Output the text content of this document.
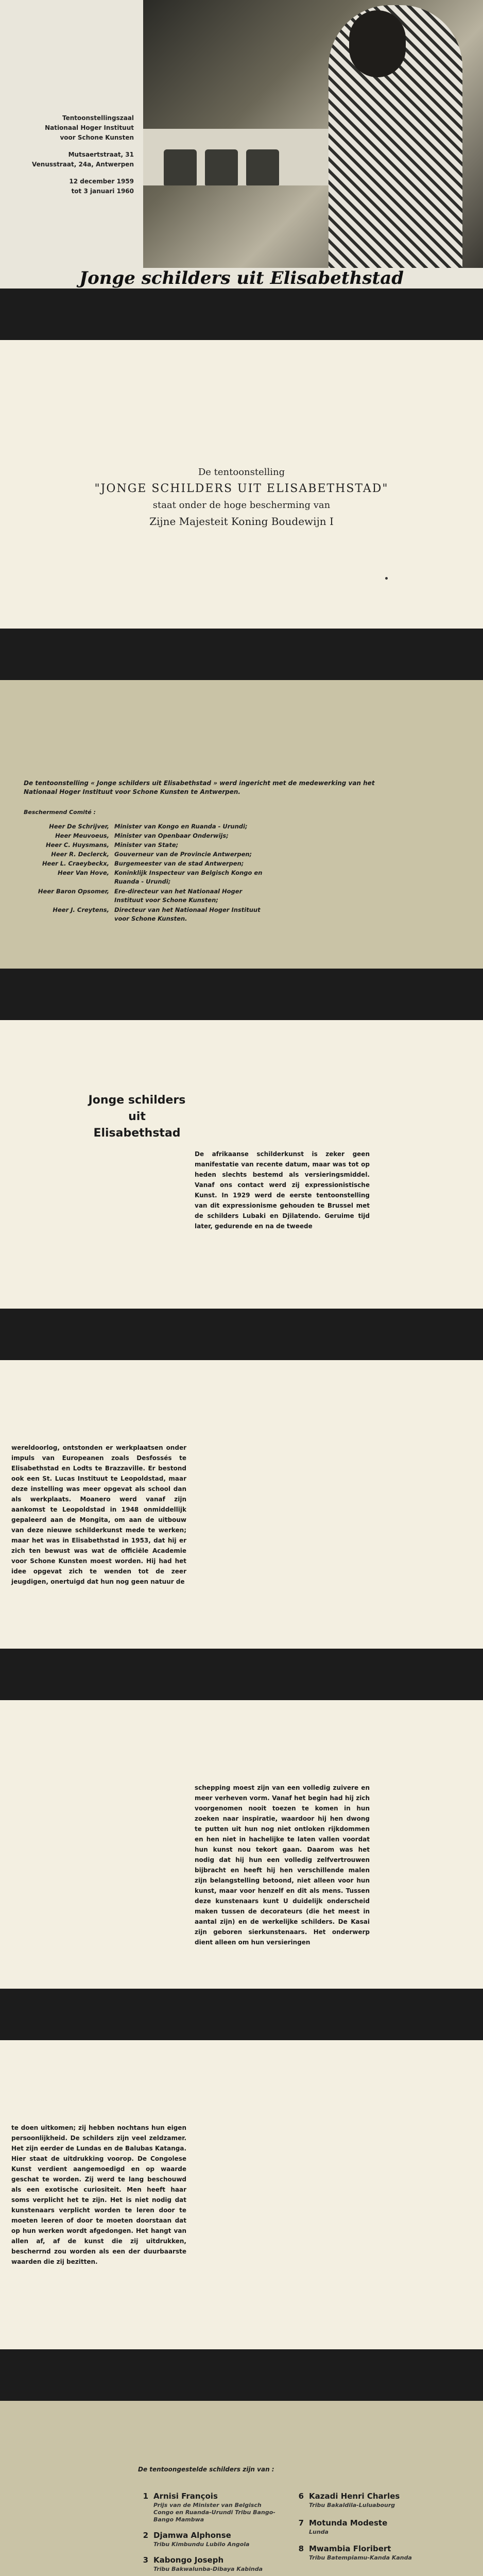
Tentoonstellingszaal
Nationaal Hoger Instituut
voor Schone Kunsten
Mutsaertstraat, 31
Venusstraat, 24a, Antwerpen
12 december 1959
tot 3 januari 1960
Jonge schilders uit Elisabethstad
De tentoonstelling
"JONGE SCHILDERS UIT ELISABETHSTAD"
staat onder de hoge bescherming van
Zijne Majesteit Koning Boudewijn I
De tentoonstelling « Jonge schilders uit Elisabethstad » werd ingericht met de medewerking van het Nationaal Hoger Instituut voor Schone Kunsten te Antwerpen.
Beschermend Comité :
Heer De Schrijver, Minister van Kongo en Ruanda - Urundi;
Heer Meuvoeus, Minister van Openbaar Onderwijs;
Heer C. Huysmans, Minister van State;
Heer R. Declerck, Gouverneur van de Provincie Antwerpen;
Heer L. Craeybeckx, Burgemeester van de stad Antwerpen;
Heer Van Hove, Koninklijk Inspecteur van Belgisch Kongo en Ruanda - Urundi;
Heer Baron Opsomer, Ere-directeur van het Nationaal Hoger Instituut voor Schone Kunsten;
Heer J. Creytens, Directeur van het Nationaal Hoger Instituut voor Schone Kunsten.
Jonge schilders uit Elisabethstad
De afrikaanse schilderkunst is zeker geen manifestatie van recente datum, maar was tot op heden slechts bestemd als versieringsmiddel. Vanaf ons contact werd zij expressionistische Kunst. In 1929 werd de eerste tentoonstelling van dit expressionisme gehouden te Brussel met de schilders Lubaki en Djilatendo. Geruime tijd later, gedurende en na de tweede
wereldoorlog, ontstonden er werkplaatsen onder impuls van Europeanen zoals Desfossés te Elisabethstad en Lodts te Brazzaville. Er bestond ook een St. Lucas Instituut te Leopoldstad, maar deze instelling was meer opgevat als school dan als werkplaats. Moanero werd vanaf zijn aankomst te Leopoldstad in 1948 onmiddellijk gepaleerd aan de Mongita, om aan de uitbouw van deze nieuwe schilderkunst mede te werken; maar het was in Elisabethstad in 1953, dat hij er zich ten bewust was wat de officiële Academie voor Schone Kunsten moest worden. Hij had het idee opgevat zich te wenden tot de zeer jeugdigen, onertuigd dat hun nog geen natuur de
schepping moest zijn van een volledig zuivere en meer verheven vorm. Vanaf het begin had hij zich voorgenomen nooit toezen te komen in hun zoeken naar inspiratie, waardoor hij hen dwong te putten uit hun nog niet ontloken rijkdommen en hen niet in hachelijke te laten vallen voordat hun kunst nou tekort gaan. Daarom was het nodig dat hij hun een volledig zelfvertrouwen bijbracht en heeft hij hen verschillende malen zijn belangstelling betoond, niet alleen voor hun kunst, maar voor henzelf en dit als mens. Tussen deze kunstenaars kunt U duidelijk onderscheid maken tussen de decorateurs (die het meest in aantal zijn) en de werkelijke schilders. De Kasai zijn geboren sierkunstenaars. Het onderwerp dient alleen om hun versieringen
te doen uitkomen; zij hebben nochtans hun eigen persoonlijkheid. De schilders zijn veel zeldzamer. Het zijn eerder de Lundas en de Balubas Katanga. Hier staat de uitdrukking voorop. De Congolese Kunst verdient aangemoedigd en op waarde geschat te worden. Zij werd te lang beschouwd als een exotische curiositeit. Men heeft haar soms verplicht het te zijn. Het is niet nodig dat kunstenaars verplicht worden te leren door te moeten leeren of door te moeten doorstaan dat op hun werken wordt afgedongen. Het hangt van allen af, af de kunst die zij uitdrukken, bescherrnd zou worden als een der duurbaarste waarden die zij bezitten.
De tentoongestelde schilders zijn van :
1 Arnisi François
Prijs van de Minister van Belgisch Congo en Ruanda-Urundi Tribu Bango-Bango Mambwa
2 Djamwa Alphonse
Tribu Kimbundu Lubilo Angola
3 Kabongo Joseph
Tribu Bakwalunba-Dibaya Kabinda
6 Kazadi Henri Charles
Tribu Bakaldila-Luluabourg
7 Motunda Modeste
Lunda
8 Mwambia Floribert
Tribu Batempiamu-Kanda Kanda
